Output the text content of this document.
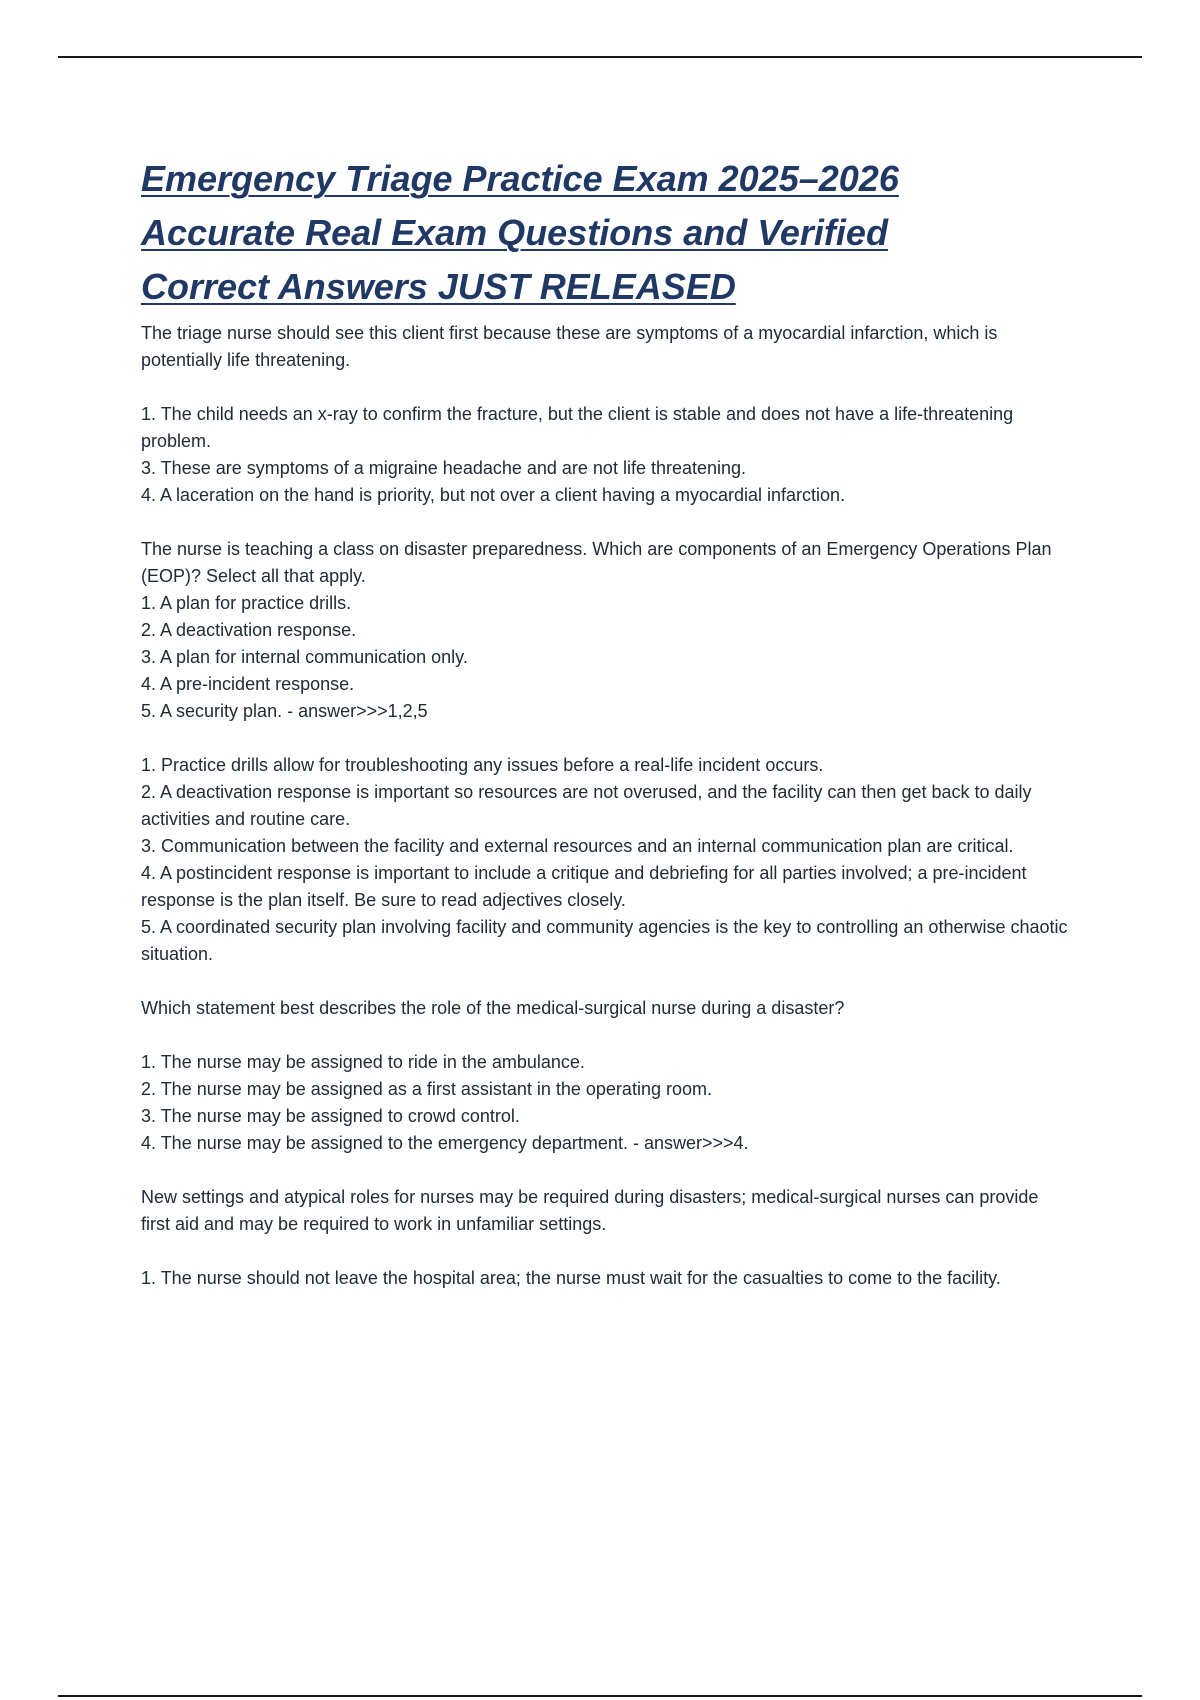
Emergency Triage Practice Exam 2025–2026
Accurate Real Exam Questions and Verified
Correct Answers JUST RELEASED

The triage nurse should see this client first because these are symptoms of a myocardial infarction, which is potentially life threatening.

1. The child needs an x-ray to confirm the fracture, but the client is stable and does not have a life-threatening problem.

3. These are symptoms of a migraine headache and are not life threatening.

4. A laceration on the hand is priority, but not over a client having a myocardial infarction.

The nurse is teaching a class on disaster preparedness. Which are components of an Emergency Operations Plan (EOP)? Select all that apply.

1. A plan for practice drills.

2. A deactivation response.

3. A plan for internal communication only.

4. A pre-incident response.

5. A security plan. - answer>>>1,2,5

1. Practice drills allow for troubleshooting any issues before a real-life incident occurs.

2. A deactivation response is important so resources are not overused, and the facility can then get back to daily activities and routine care.

3. Communication between the facility and external resources and an internal communication plan are critical.

4. A postincident response is important to include a critique and debriefing for all parties involved; a pre-incident response is the plan itself. Be sure to read adjectives closely.

5. A coordinated security plan involving facility and community agencies is the key to controlling an otherwise chaotic situation.

Which statement best describes the role of the medical-surgical nurse during a disaster?

1. The nurse may be assigned to ride in the ambulance.

2. The nurse may be assigned as a first assistant in the operating room.

3. The nurse may be assigned to crowd control.

4. The nurse may be assigned to the emergency department. - answer>>>4.

New settings and atypical roles for nurses may be required during disasters; medical-surgical nurses can provide first aid and may be required to work in unfamiliar settings.

1. The nurse should not leave the hospital area; the nurse must wait for the casualties to come to the facility.
